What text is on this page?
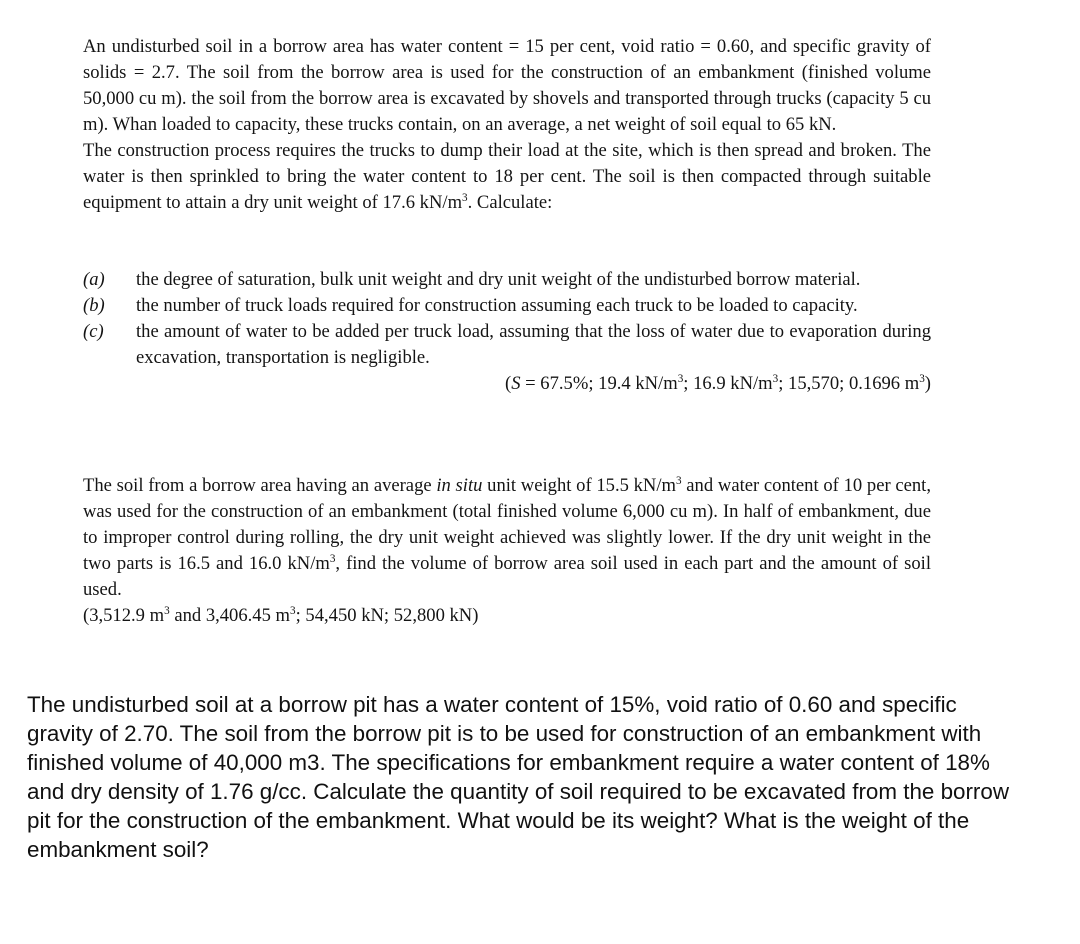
An undisturbed soil in a borrow area has water content = 15 per cent, void ratio = 0.60, and specific gravity of solids = 2.7. The soil from the borrow area is used for the construction of an embankment (finished volume 50,000 cu m). the soil from the borrow area is excavated by shovels and transported through trucks (capacity 5 cu m). Whan loaded to capacity, these trucks contain, on an average, a net weight of soil equal to 65 kN.

The construction process requires the trucks to dump their load at the site, which is then spread and broken. The water is then sprinkled to bring the water content to 18 per cent. The soil is then compacted through suitable equipment to attain a dry unit weight of 17.6 $kN/m^3$. Calculate:

(a) the degree of saturation, bulk unit weight and dry unit weight of the undisturbed borrow material.
(b) the number of truck loads required for construction assuming each truck to be loaded to capacity.
(c) the amount of water to be added per truck load, assuming that the loss of water due to evaporation during excavation, transportation is negligible.

(S = 67.5%; 19.4 $kN/m^3$; 16.9 $kN/m^3$; 15,570; 0.1696 $m^3$)

The soil from a borrow area having an average in situ unit weight of 15.5 $kN/m^3$ and water content of 10 per cent, was used for the construction of an embankment (total finished volume 6,000 cu m). In half of embankment, due to improper control during rolling, the dry unit weight achieved was slightly lower. If the dry unit weight in the two parts is 16.5 and 16.0 $kN/m^3$, find the volume of borrow area soil used in each part and the amount of soil used.

(3,512.9 $m^3$ and 3,406.45 $m^3$; 54,450 kN; 52,800 kN)

The undisturbed soil at a borrow pit has a water content of 15%, void ratio of 0.60 and specific gravity of 2.70. The soil from the borrow pit is to be used for construction of an embankment with finished volume of 40,000 m3. The specifications for embankment require a water content of 18% and dry density of 1.76 g/cc. Calculate the quantity of soil required to be excavated from the borrow pit for the construction of the embankment. What would be its weight? What is the weight of the embankment soil?
